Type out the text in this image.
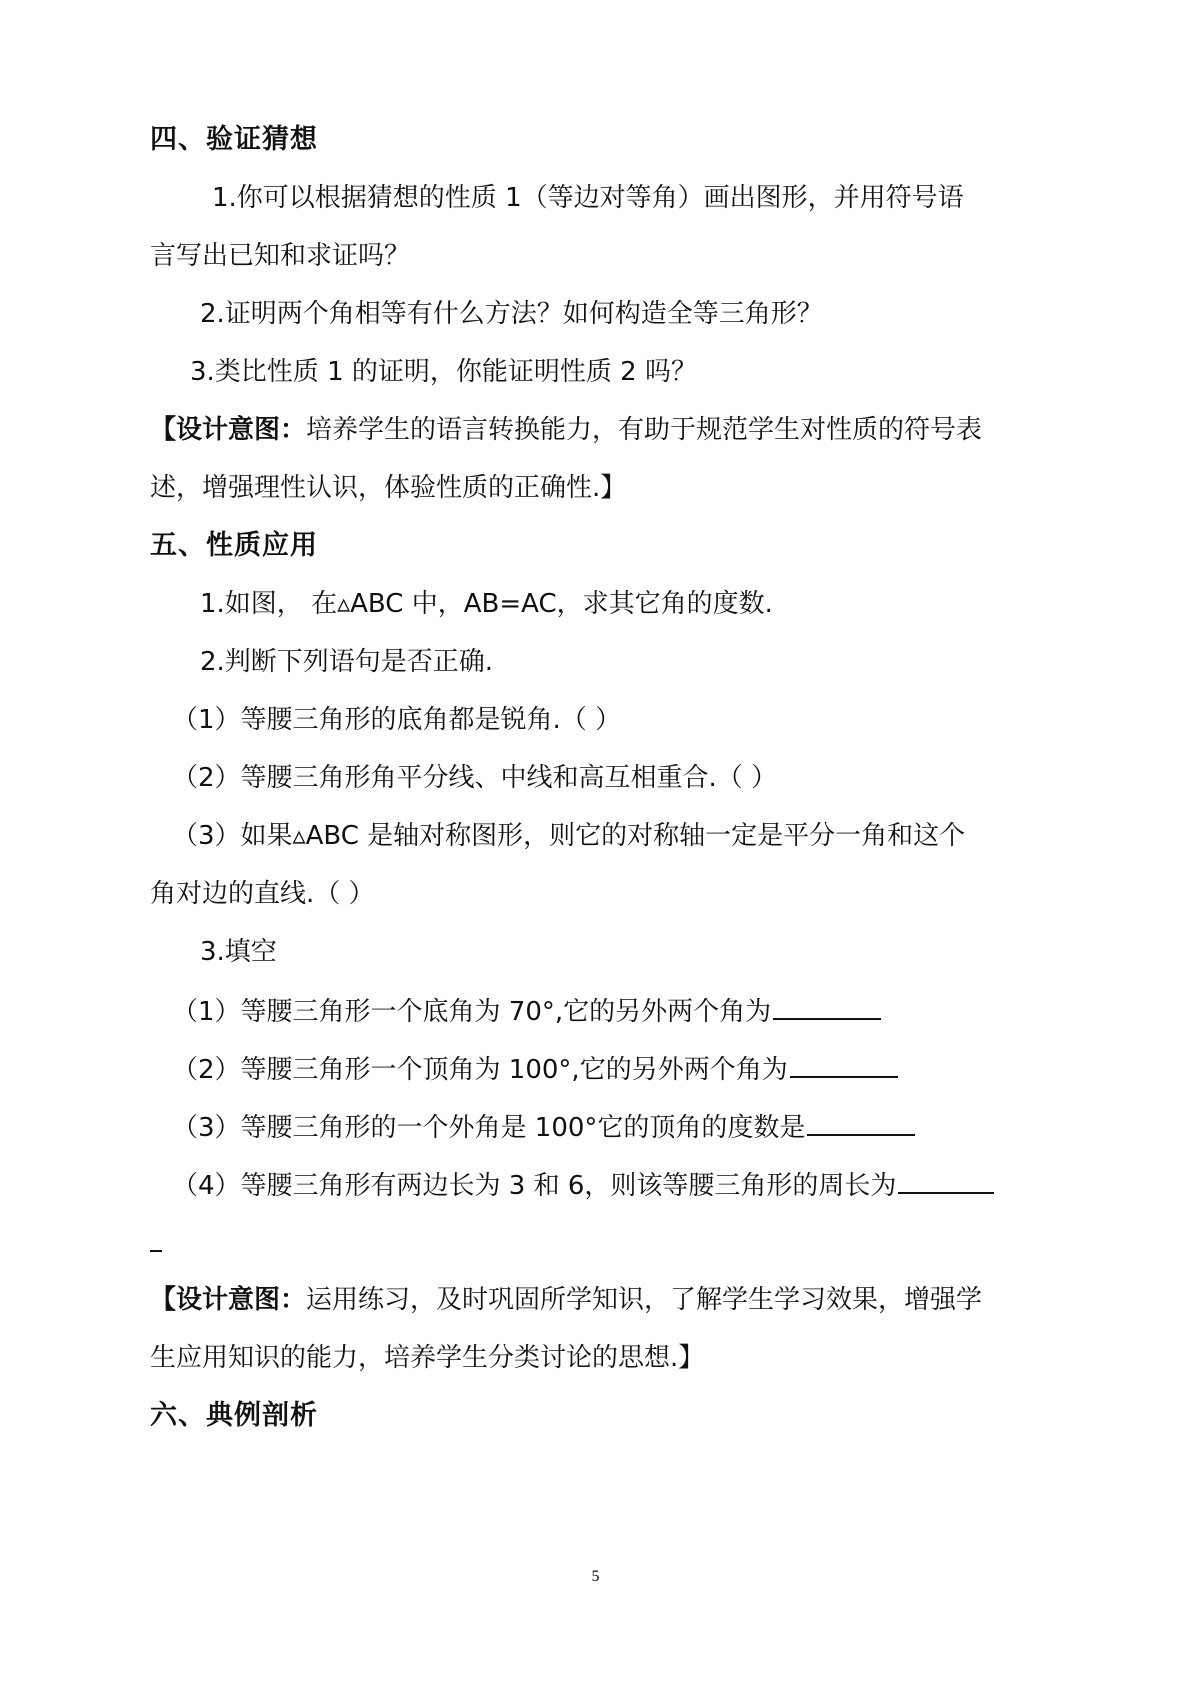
四、验证猜想
1.你可以根据猜想的性质 1（等边对等角）画出图形，并用符号语
言写出已知和求证吗？
2.证明两个角相等有什么方法？如何构造全等三角形？
3.类比性质 1 的证明，你能证明性质 2 吗？
【设计意图：培养学生的语言转换能力，有助于规范学生对性质的符号表
述，增强理性认识，体验性质的正确性.】
五、性质应用
1.如图， 在▵ABC 中，AB=AC，求其它角的度数.
2.判断下列语句是否正确.
（1）等腰三角形的底角都是锐角.（ ）
（2）等腰三角形角平分线、中线和高互相重合.（ ）
（3）如果▵ABC 是轴对称图形，则它的对称轴一定是平分一角和这个
角对边的直线.（ ）
3.填空
（1）等腰三角形一个底角为 70°,它的另外两个角为
（2）等腰三角形一个顶角为 100°,它的另外两个角为
（3）等腰三角形的一个外角是 100°它的顶角的度数是
（4）等腰三角形有两边长为 3 和 6，则该等腰三角形的周长为
【设计意图：运用练习，及时巩固所学知识，了解学生学习效果，增强学
生应用知识的能力，培养学生分类讨论的思想.】
六、典例剖析
5
